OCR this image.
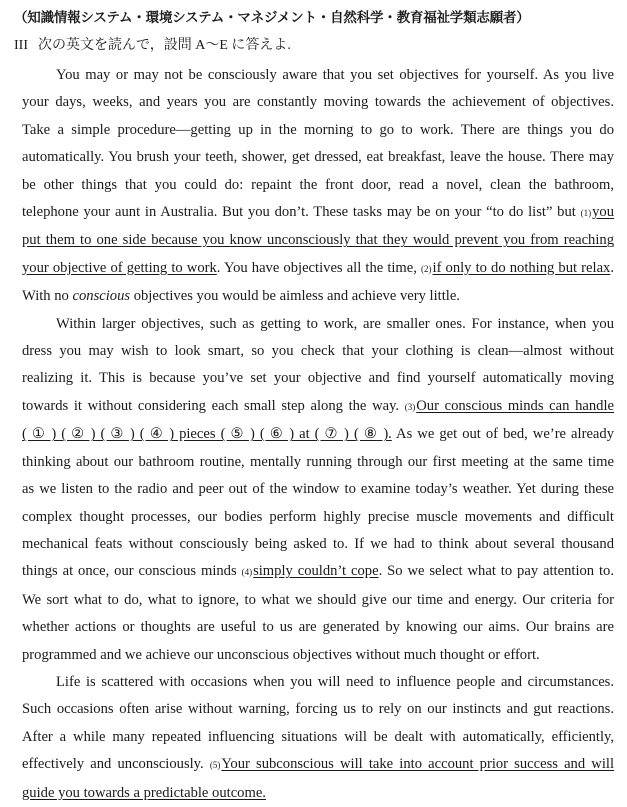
（知識情報システム・環境システム・マネジメント・自然科学・教育福祉学類志願者）
III 次の英文を読んで，設問 A～E に答えよ.
You may or may not be consciously aware that you set objectives for yourself. As you live
your days, weeks, and years you are constantly moving towards the achievement of objectives.
Take a simple procedure—getting up in the morning to go to work. There are things you do
automatically. You brush your teeth, shower, get dressed, eat breakfast, leave the house. There may
be other things that you could do: repaint the front door, read a novel, clean the bathroom,
telephone your aunt in Australia. But you don’t. These tasks may be on your “to do list” but (1)you
put them to one side because you know unconsciously that they would prevent you from reaching
your objective of getting to work. You have objectives all the time, (2)if only to do nothing but relax.
With no conscious objectives you would be aimless and achieve very little.
Within larger objectives, such as getting to work, are smaller ones. For instance, when you
dress you may wish to look smart, so you check that your clothing is clean—almost without
realizing it. This is because you’ve set your objective and find yourself automatically moving
towards it without considering each small step along the way. (3)Our conscious minds can handle
( ① ) ( ② ) ( ③ ) ( ④ ) pieces ( ⑤ ) ( ⑥ ) at ( ⑦ ) ( ⑧ ). As we get out of bed, we’re already
thinking about our bathroom routine, mentally running through our first meeting at the same time
as we listen to the radio and peer out of the window to examine today’s weather. Yet during these
complex thought processes, our bodies perform highly precise muscle movements and difficult
mechanical feats without consciously being asked to. If we had to think about several thousand
things at once, our conscious minds (4)simply couldn’t cope. So we select what to pay attention to.
We sort what to do, what to ignore, to what we should give our time and energy. Our criteria for
whether actions or thoughts are useful to us are generated by knowing our aims. Our brains are
programmed and we achieve our unconscious objectives without much thought or effort.
Life is scattered with occasions when you will need to influence people and circumstances.
Such occasions often arise without warning, forcing us to rely on our instincts and gut reactions.
After a while many repeated influencing situations will be dealt with automatically, efficiently,
effectively and unconsciously. (5)Your subconscious will take into account prior success and will
guide you towards a predictable outcome.
